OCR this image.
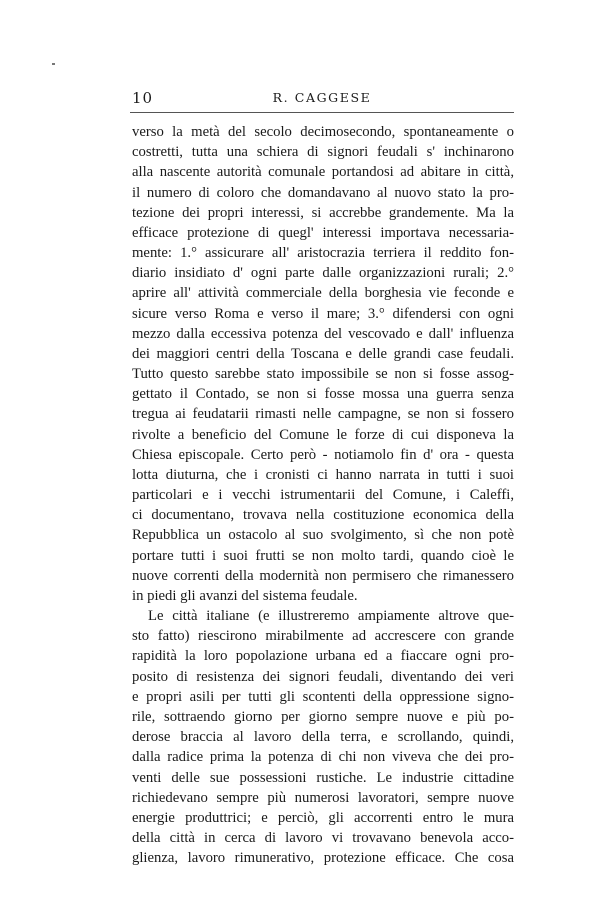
10	R. CAGGESE
verso la metà del secolo decimosecondo, spontaneamente o
costretti, tutta una schiera di signori feudali s' inchinarono
alla nascente autorità comunale portandosi ad abitare in città,
il numero di coloro che domandavano al nuovo stato la pro-
tezione dei propri interessi, si accrebbe grandemente. Ma la
efficace protezione di quegl' interessi importava necessaria-
mente: 1.° assicurare all' aristocrazia terriera il reddito fon-
diario insidiato d' ogni parte dalle organizzazioni rurali; 2.°
aprire all' attività commerciale della borghesia vie feconde e
sicure verso Roma e verso il mare; 3.° difendersi con ogni
mezzo dalla eccessiva potenza del vescovado e dall' influenza
dei maggiori centri della Toscana e delle grandi case feudali.
Tutto questo sarebbe stato impossibile se non si fosse assog-
gettato il Contado, se non si fosse mossa una guerra senza
tregua ai feudatarii rimasti nelle campagne, se non si fossero
rivolte a beneficio del Comune le forze di cui disponeva la
Chiesa episcopale. Certo però - notiamolo fin d' ora - questa
lotta diuturna, che i cronisti ci hanno narrata in tutti i suoi
particolari e i vecchi istrumentarii del Comune, i Caleffi,
ci documentano, trovava nella costituzione economica della
Repubblica un ostacolo al suo svolgimento, sì che non potè
portare tutti i suoi frutti se non molto tardi, quando cioè le
nuove correnti della modernità non permisero che rimanessero
in piedi gli avanzi del sistema feudale.
Le città italiane (e illustreremo ampiamente altrove que-
sto fatto) riescirono mirabilmente ad accrescere con grande
rapidità la loro popolazione urbana ed a fiaccare ogni pro-
posito di resistenza dei signori feudali, diventando dei veri
e propri asili per tutti gli scontenti della oppressione signo-
rile, sottraendo giorno per giorno sempre nuove e più po-
derose braccia al lavoro della terra, e scrollando, quindi,
dalla radice prima la potenza di chi non viveva che dei pro-
venti delle sue possessioni rustiche. Le industrie cittadine
richiedevano sempre più numerosi lavoratori, sempre nuove
energie produttrici; e perciò, gli accorrenti entro le mura
della città in cerca di lavoro vi trovavano benevola acco-
glienza, lavoro rimunerativo, protezione efficace. Che cosa
